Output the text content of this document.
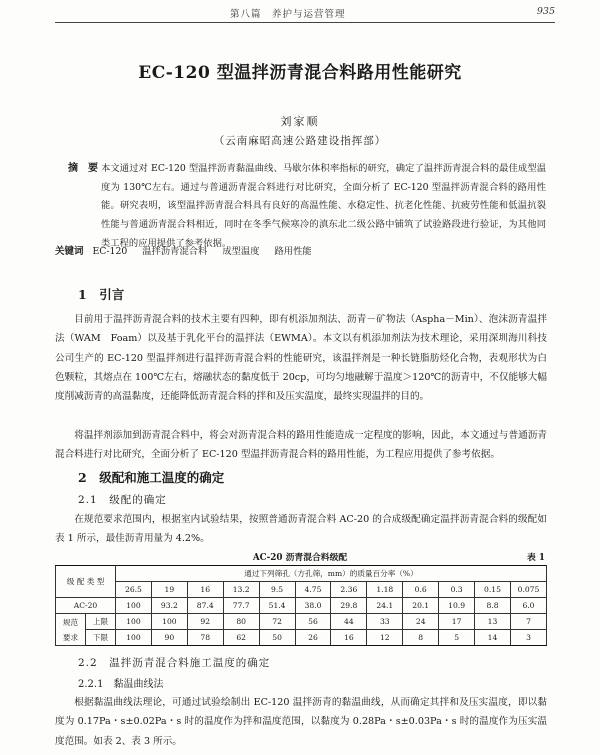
第八篇　养护与运营管理	935
EC-120 型温拌沥青混合料路用性能研究
刘家顺
（云南麻昭高速公路建设指挥部）
摘　要 本文通过对 EC-120 型温拌沥青黏温曲线、马歇尔体积率指标的研究，确定了温拌沥青混合料的最佳成型温度为 130℃左右。通过与普通沥青混合料进行对比研究，全面分析了 EC-120 型温拌沥青混合料的路用性能。研究表明，该型温拌沥青混合料具有良好的高温性能、水稳定性、抗老化性能、抗疲劳性能和低温抗裂性能与普通沥青混合料相近，同时在冬季气候寒冷的滇东北二级公路中铺筑了试验路段进行验证，为其他同类工程的应用提供了参考依据。
关键词 EC-120 温拌沥青混合料 成型温度 路用性能
1　引言
目前用于温拌沥青混合料的技术主要有四种，即有机添加剂法、沥青－矿物法（Aspha－Min）、泡沫沥青温拌法（WAM　Foam）以及基于乳化平台的温拌法（EWMA）。本文以有机添加剂法为技术理论，采用深圳海川科技公司生产的 EC-120 型温拌剂进行温拌沥青混合料的性能研究，该温拌剂是一种长链脂肪烃化合物，表观形状为白色颗粒，其熔点在 100℃左右，熔融状态的黏度低于 20cp，可均匀地融解于温度＞120℃的沥青中，不仅能够大幅度削减沥青的高温黏度，还能降低沥青混合料的拌和及压实温度，最终实现温拌的目的。
将温拌剂添加到沥青混合料中，将会对沥青混合料的路用性能造成一定程度的影响，因此，本文通过与普通沥青混合料进行对比研究，全面分析了 EC-120 型温拌沥青混合料的路用性能，为工程应用提供了参考依据。
2　级配和施工温度的确定
2.1　级配的确定
在规范要求范围内，根据室内试验结果，按照普通沥青混合料 AC-20 的合成级配确定温拌沥青混合料的级配如表 1 所示，最佳沥青用量为 4.2%。
AC-20 沥青混合料级配	表 1
级 配 类 型		通过下列筛孔（方孔筛，mm）的质量百分率（%）											
		26.5	19	16	13.2	9.5	4.75	2.36	1.18	0.6	0.3	0.15	0.075
AC-20		100	93.2	87.4	77.7	51.4	38.0	29.8	24.1	20.1	10.9	8.8	6.0
规范
要求	上限	100	100	92	80	72	56	44	33	24	17	13	7
	下限	100	90	78	62	50	26	16	12	8	5	14	3
2.2　温拌沥青混合料施工温度的确定
2.2.1　黏温曲线法
根据黏温曲线法理论，可通过试验绘制出 EC-120 温拌沥青的黏温曲线，从而确定其拌和及压实温度，即以黏度为 0.17Pa・s±0.02Pa・s 时的温度作为拌和温度范围，以黏度为 0.28Pa・s±0.03Pa・s 时的温度作为压实温度范围。如表 2、表 3 所示。
